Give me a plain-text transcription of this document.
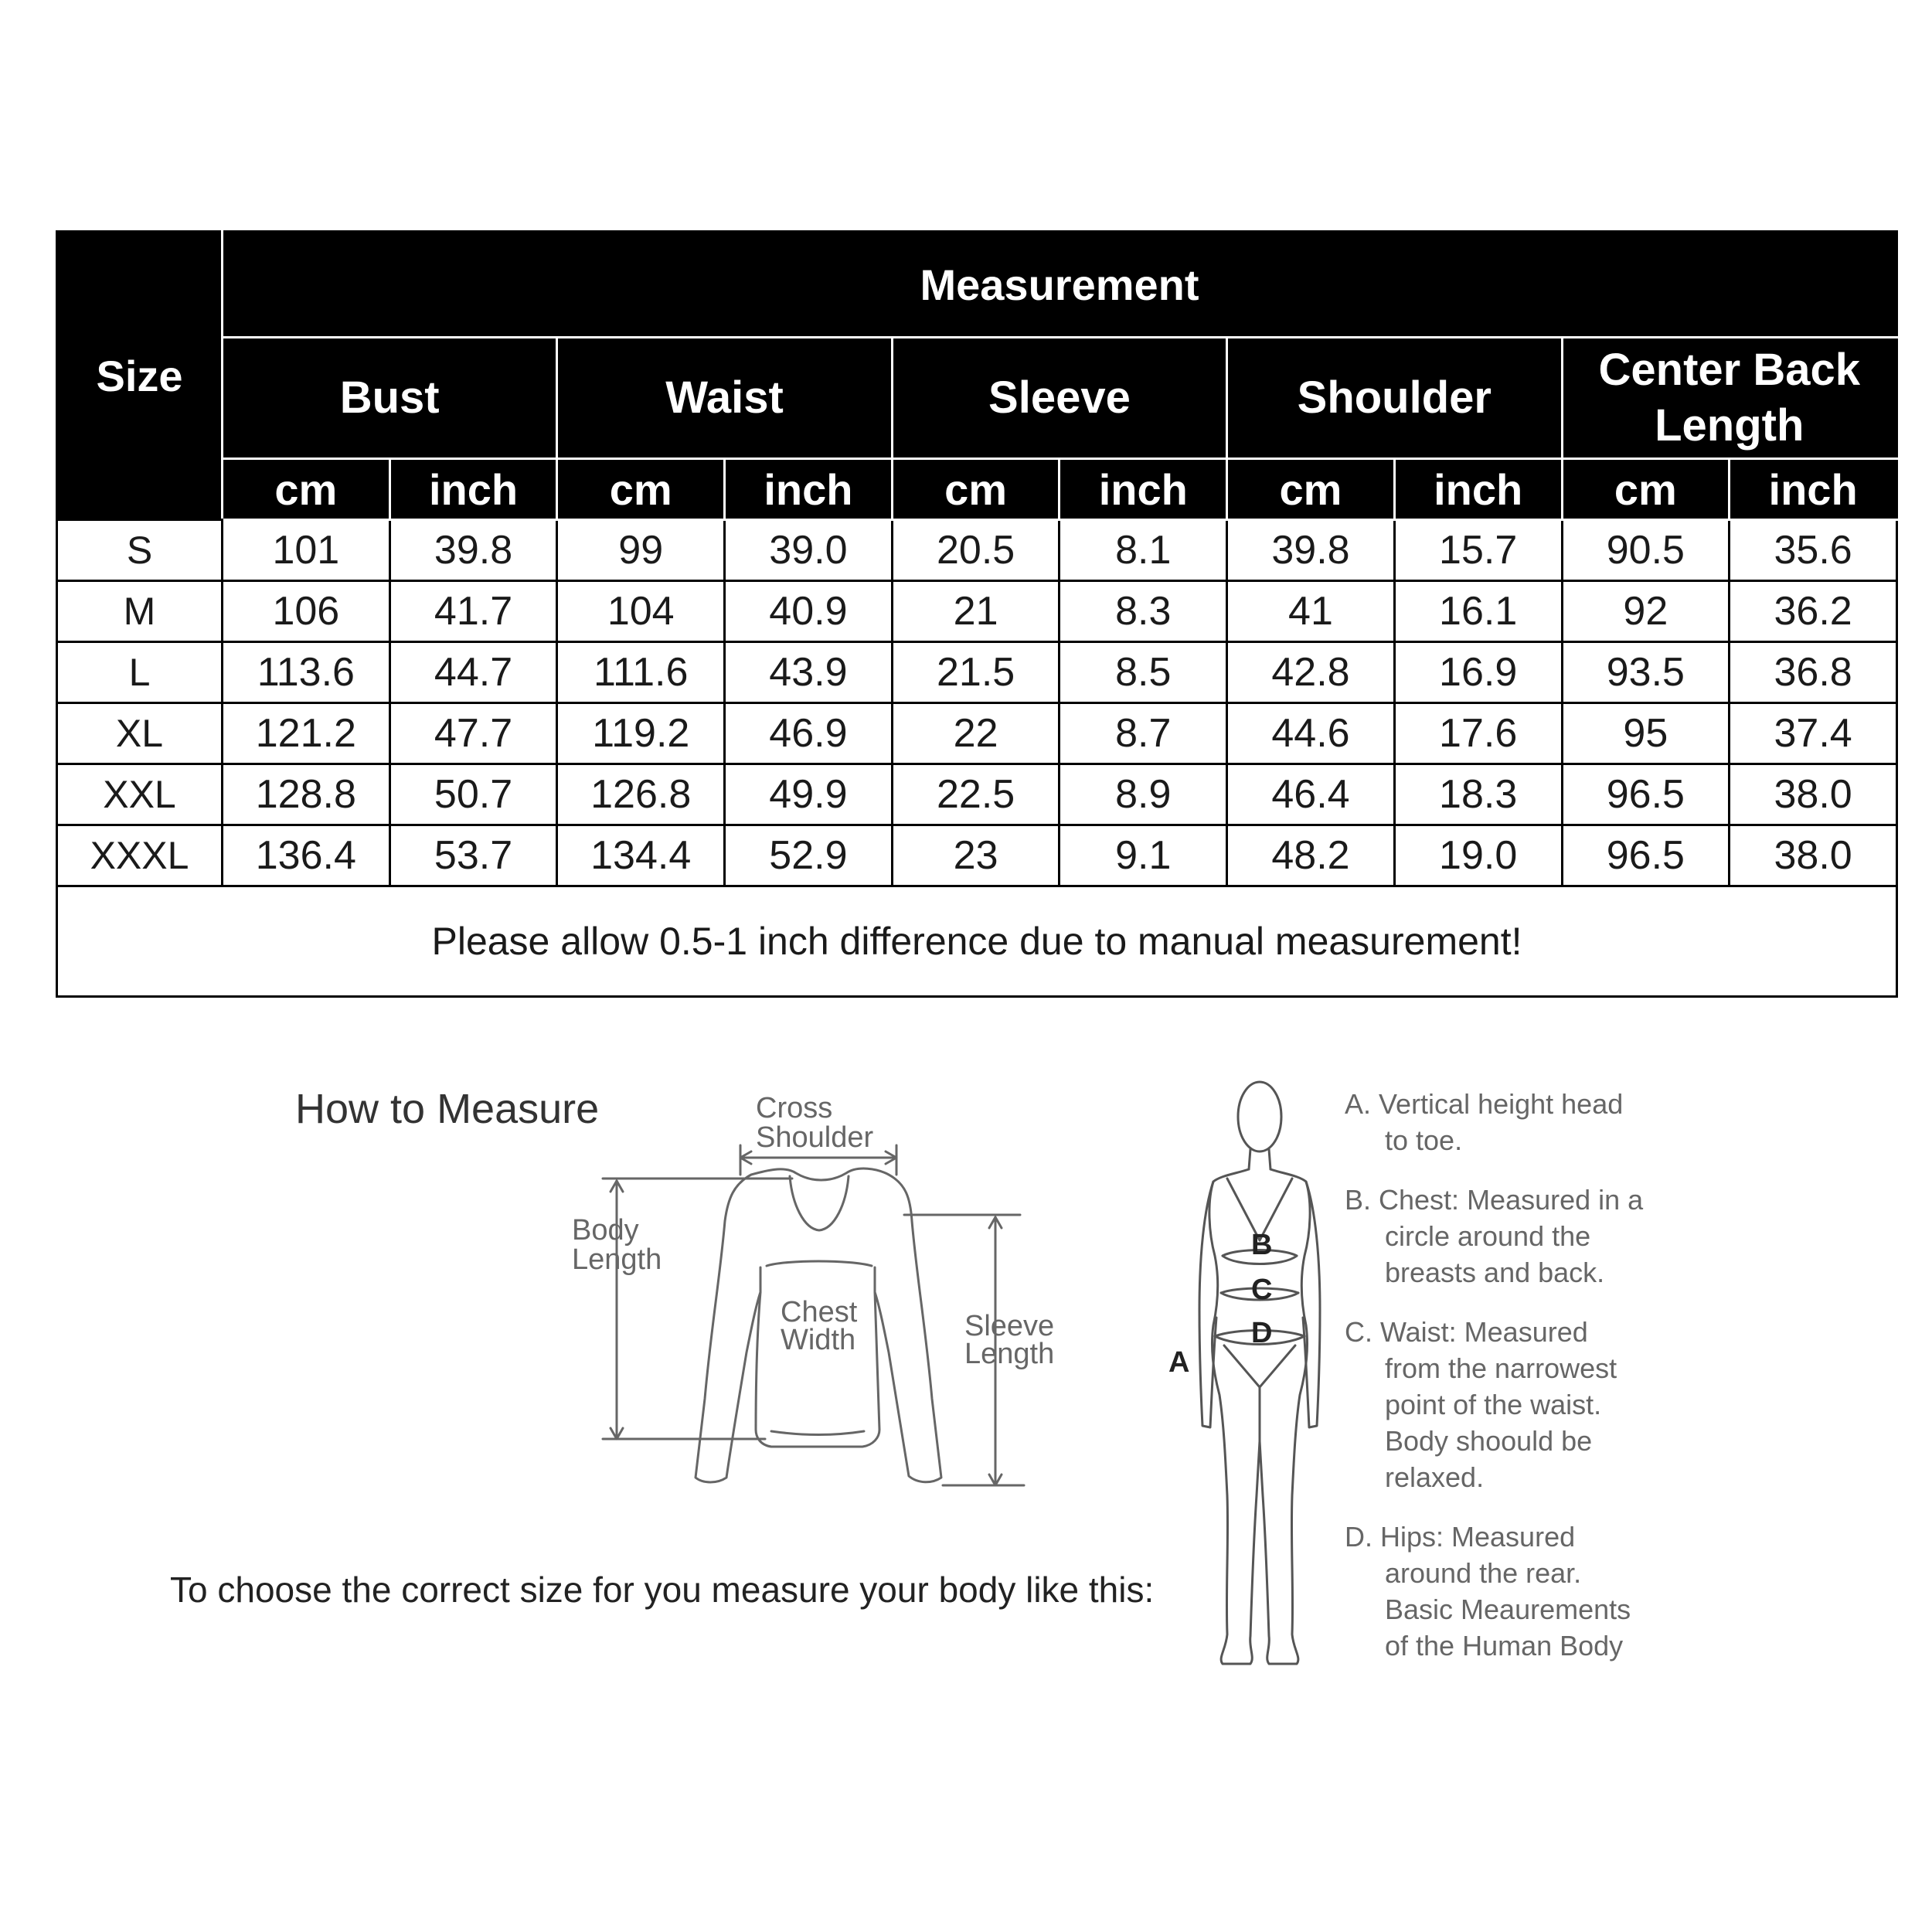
Size	Measurement									
	Bust		Waist		Sleeve		Shoulder		Center Back Length	
	cm	inch	cm	inch	cm	inch	cm	inch	cm	inch
S	101	39.8	99	39.0	20.5	8.1	39.8	15.7	90.5	35.6
M	106	41.7	104	40.9	21	8.3	41	16.1	92	36.2
L	113.6	44.7	111.6	43.9	21.5	8.5	42.8	16.9	93.5	36.8
XL	121.2	47.7	119.2	46.9	22	8.7	44.6	17.6	95	37.4
XXL	128.8	50.7	126.8	49.9	22.5	8.9	46.4	18.3	96.5	38.0
XXXL	136.4	53.7	134.4	52.9	23	9.1	48.2	19.0	96.5	38.0
Please allow 0.5-1 inch difference due to manual measurement!										
How to Measure
To choose the correct size for you measure your body like this:
Cross
Shoulder
Body
Length
Chest
Width	Sleeve
Length
B
C
D
A
A. Vertical height head
to toe.
B. Chest: Measured in a
circle around the
breasts and back.
C. Waist: Measured
from the narrowest
point of the waist.
Body shoould be
relaxed.
D. Hips: Measured
around the rear.
Basic Meaurements
of the Human Body
